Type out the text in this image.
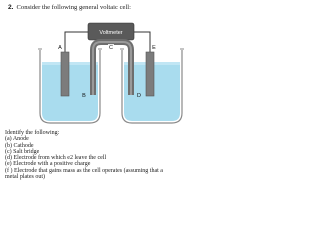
2. Consider the following general voltaic cell:
Voltmeter
A	C	E
B	D
Identify the following:
(a) Anode
(b) Cathode
(c) Salt bridge
(d) Electrode from which e2 leave the cell
(e) Electrode with a positive charge
(f ) Electrode that gains mass as the cell operates (assuming that a
metal plates out)
